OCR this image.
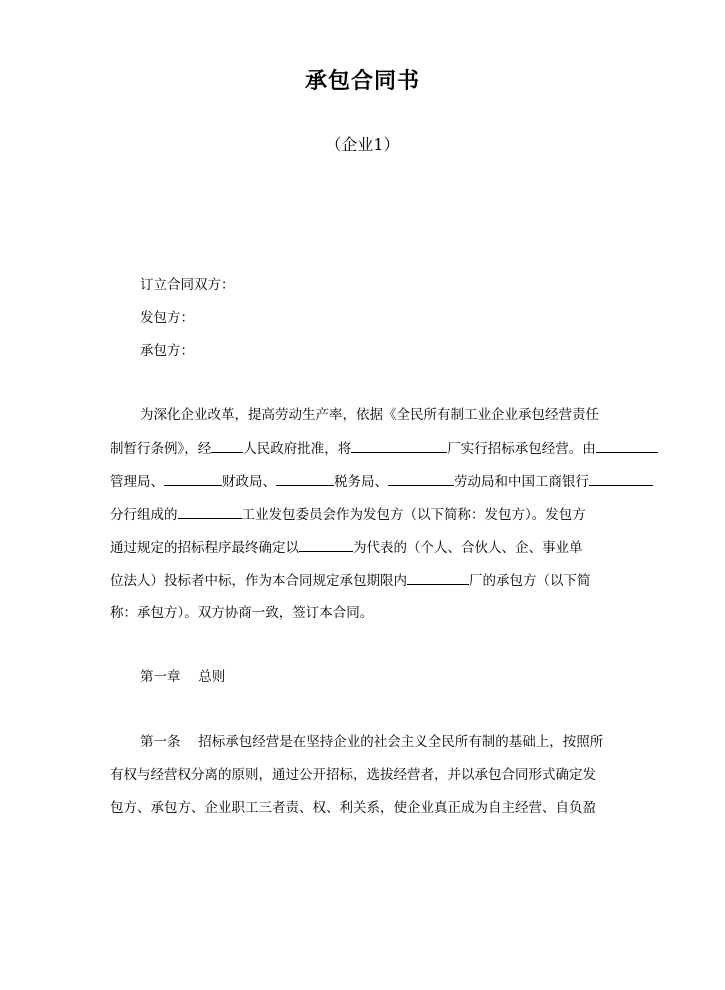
承包合同书
（企业1）
订立合同双方：
发包方：
承包方：
为深化企业改革，提高劳动生产率，依据《全民所有制工业企业承包经营责任
制暂行条例》，经 人民政府批准，将	厂实行招标承包经营。由
管理局、	财政局、	税务局、	劳动局和中国工商银行
分行组成的	工业发包委员会作为发包方（以下简称：发包方）。发包方
通过规定的招标程序最终确定以	为代表的（个人、合伙人、企、事业单
位法人）投标者中标，作为本合同规定承包期限内	厂的承包方（以下简
称：承包方）。双方协商一致，签订本合同。
第一章　 总则
第一条　 招标承包经营是在坚持企业的社会主义全民所有制的基础上，按照所
有权与经营权分离的原则，通过公开招标，选拔经营者，并以承包合同形式确定发
包方、承包方、企业职工三者责、权、利关系，使企业真正成为自主经营、自负盈
